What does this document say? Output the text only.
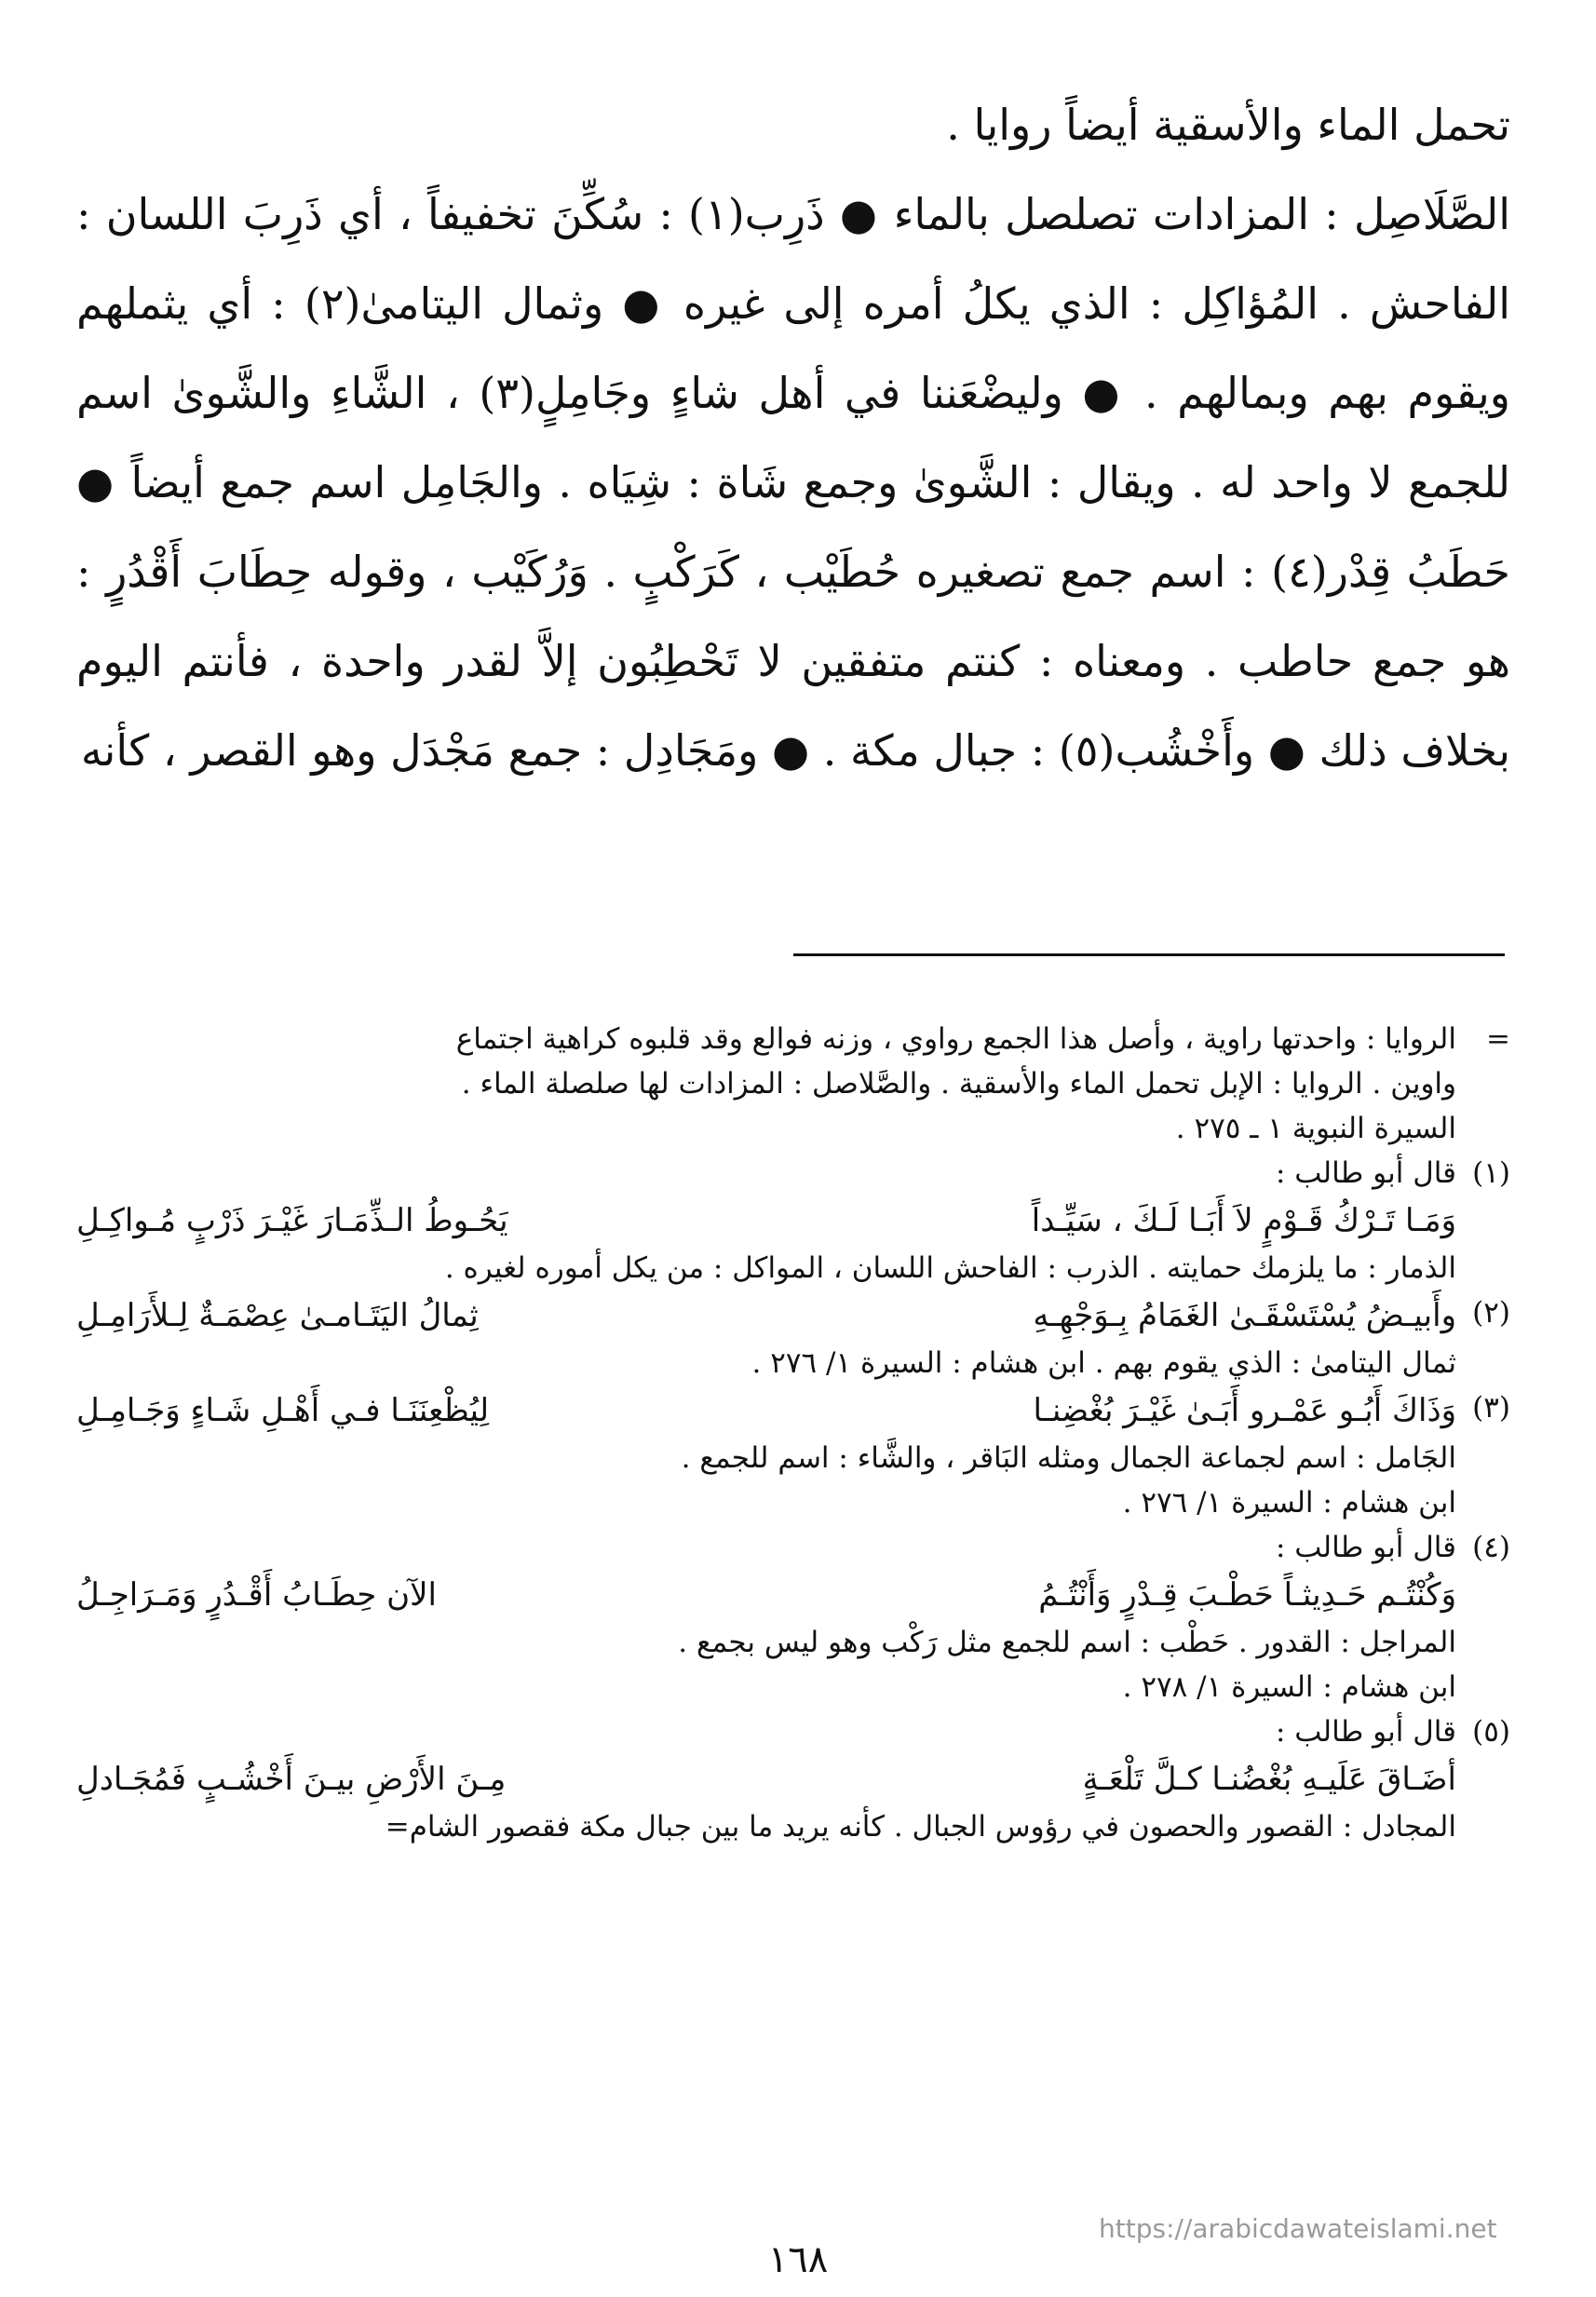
تحمل الماء والأسقية أيضاً روايا .

الصَّلَاصِل : المزادات تصلصل بالماء ● ذَرِب(١) : سُكِّنَ تخفيفاً ، أي ذَرِبَ اللسان : الفاحش . المُؤاكِل : الذي يكلُ أمره إلى غيره ● وثمال اليتامىٰ(٢) : أي يثملهم ويقوم بهم وبمالهم . ● وليضْعَننا في أهل شاءٍ وجَامِلٍ(٣) ، الشَّاءِ والشَّوىٰ اسم للجمع لا واحد له . ويقال : الشَّوىٰ وجمع شَاة : شِيَاه . والجَامِل اسم جمع أيضاً ● حَطَبُ قِدْر(٤) : اسم جمع تصغيره حُطَيْب ، كَرَكْبٍ . وَرُكَيْب ، وقوله حِطَابَ أَقْدُرٍ : هو جمع حاطب . ومعناه : كنتم متفقين لا تَحْطِبُون إلاَّ لقدر واحدة ، فأنتم اليوم بخلاف ذلك ● وأَخْشُب(٥) : جبال مكة . ● ومَجَادِل : جمع مَجْدَل وهو القصر ، كأنه

=
الروايا : واحدتها راوية ، وأصل هذا الجمع رواوي ، وزنه فوالع وقد قلبوه كراهية اجتماع
واوين . الروايا : الإبل تحمل الماء والأسقية . والصَّلاصل : المزادات لها صلصلة الماء .
السيرة النبوية ١ ـ ٢٧٥ .
(١)
قال أبو طالب :
وَمَـا تَـرْكُ قَـوْمٍ لاَ أَبَـا لَـكَ ، سَيِّـداً
يَحُـوطُ الـذِّمَـارَ غَيْـرَ ذَرْبٍ مُـواكِـلِ
الذمار : ما يلزمك حمايته . الذرب : الفاحش اللسان ، المواكل : من يكل أموره لغيره .
(٢)
وأَبيـضُ يُسْتَسْقَـىٰ الغَمَامُ بِـوَجْهِـهِ
ثِمالُ اليَتَـامـىٰ عِصْمَـةٌ لِـلأَرَامِـلِ
ثمال اليتامىٰ : الذي يقوم بهم . ابن هشام : السيرة ١/ ٢٧٦ .
(٣)
وَذَاكَ أَبُـو عَمْـرو أَبَـىٰ غَيْـرَ بُغْضِنـا
لِيُظْعِنَنَـا فـي أَهْـلِ شَـاءٍ وَجَـامِـلِ
الجَامل : اسم لجماعة الجمال ومثله البَاقر ، والشَّاء : اسم للجمع .
ابن هشام : السيرة ١/ ٢٧٦ .
(٤)
قال أبو طالب :
وَكُنْتُـم حَـدِيثـاً حَطْـبَ قِـدْرٍ وَأَنْتُـمُ
الآن حِطَـابُ أَقْـدُرٍ وَمَـرَاجِـلُ
المراجل : القدور . حَطْب : اسم للجمع مثل رَكْب وهو ليس بجمع .
ابن هشام : السيرة ١/ ٢٧٨ .
(٥)
قال أبو طالب :
أضَـاقَ عَلَيـهِ بُغْضُنـا كـلَّ تَلْعَـةٍ
مِـنَ الأَرْضِ بيـنَ أَخْشُـبٍ فَمُجَـادلِ
المجادل : القصور والحصون في رؤوس الجبال . كأنه يريد ما بين جبال مكة فقصور الشام=
https://arabicdawateislami.net
١٦٨
